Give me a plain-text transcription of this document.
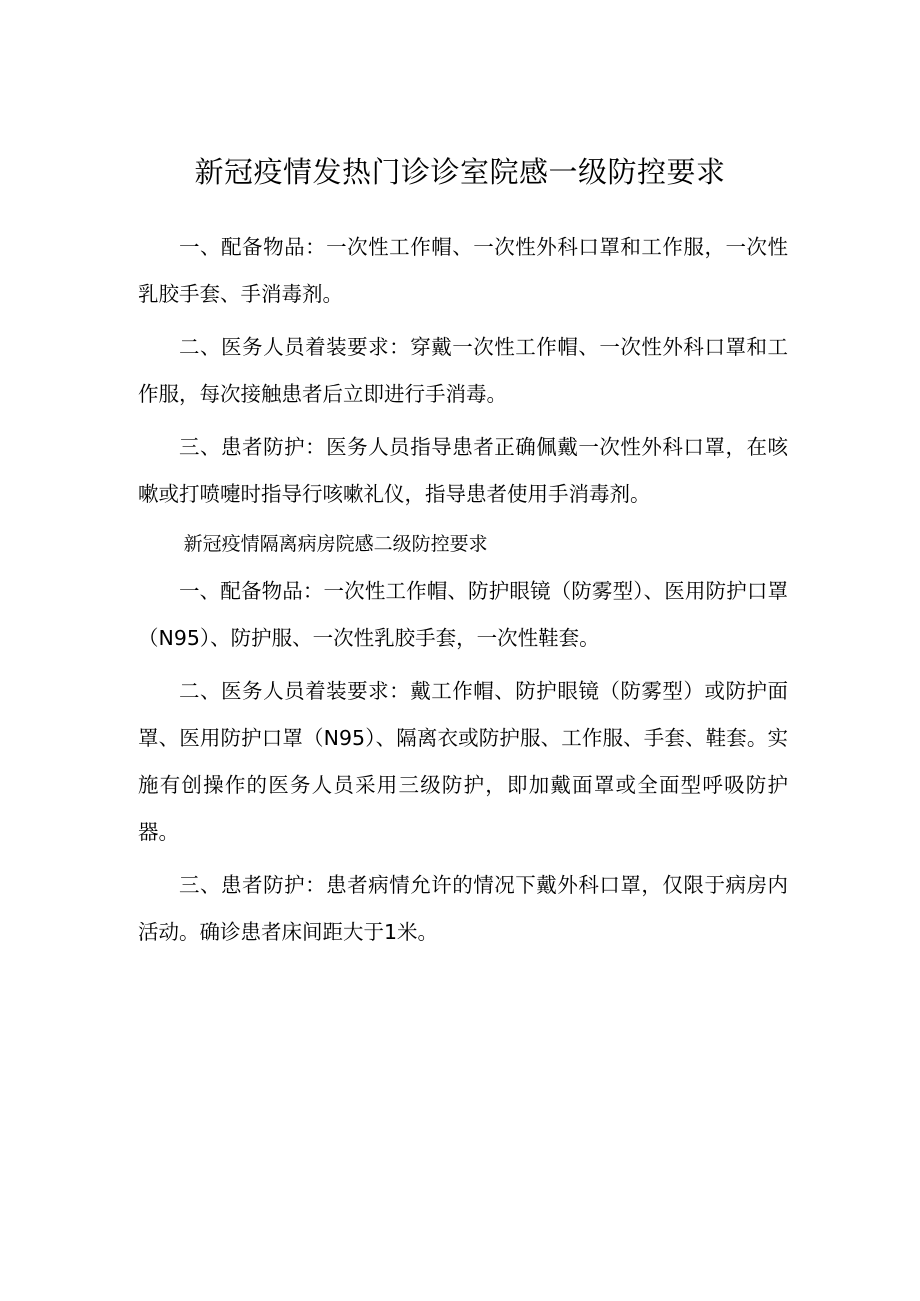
新冠疫情发热门诊诊室院感一级防控要求

一、配备物品：一次性工作帽、一次性外科口罩和工作服，一次性乳胶手套、手消毒剂。

二、医务人员着装要求：穿戴一次性工作帽、一次性外科口罩和工作服，每次接触患者后立即进行手消毒。

三、患者防护：医务人员指导患者正确佩戴一次性外科口罩，在咳嗽或打喷嚏时指导行咳嗽礼仪，指导患者使用手消毒剂。

新冠疫情隔离病房院感二级防控要求

一、配备物品：一次性工作帽、防护眼镜（防雾型）、医用防护口罩（N95）、防护服、一次性乳胶手套，一次性鞋套。

二、医务人员着装要求：戴工作帽、防护眼镜（防雾型）或防护面罩、医用防护口罩（N95）、隔离衣或防护服、工作服、手套、鞋套。实施有创操作的医务人员采用三级防护，即加戴面罩或全面型呼吸防护器。

三、患者防护：患者病情允许的情况下戴外科口罩，仅限于病房内活动。确诊患者床间距大于1米。
